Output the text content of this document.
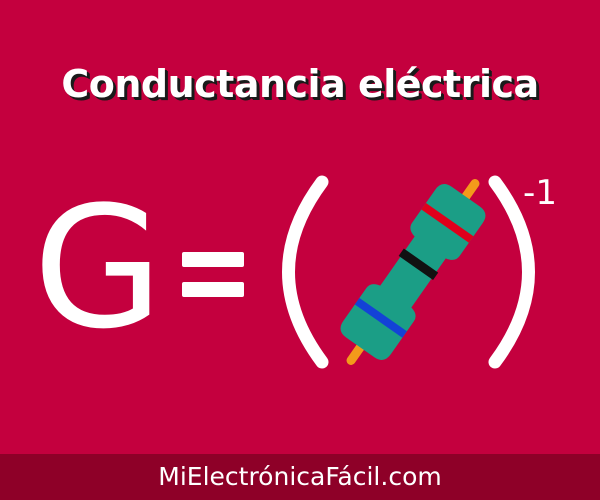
Conductancia eléctrica
G	-1
MiElectrónicaFácil.com
